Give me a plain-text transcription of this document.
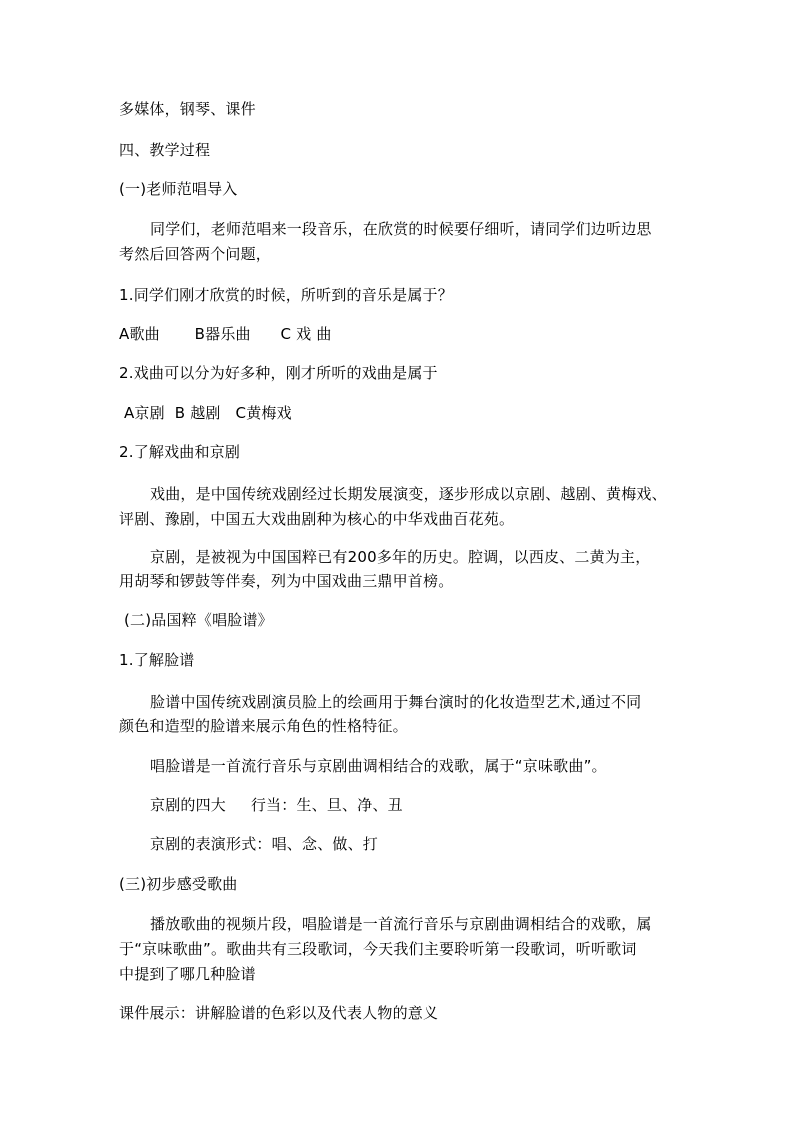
多媒体，钢琴、课件
四、教学过程
(一)老师范唱导入
同学们，老师范唱来一段音乐，在欣赏的时候要仔细听，请同学们边听边思
考然后回答两个问题，
1.同学们刚才欣赏的时候，所听到的音乐是属于？
A歌曲       B器乐曲      C 戏 曲
2.戏曲可以分为好多种，刚才所听的戏曲是属于
A京剧  B 越剧   C黄梅戏
2.了解戏曲和京剧
戏曲，是中国传统戏剧经过长期发展演变，逐步形成以京剧、越剧、黄梅戏、
评剧、豫剧，中国五大戏曲剧种为核心的中华戏曲百花苑。
京剧，是被视为中国国粹已有200多年的历史。腔调，以西皮、二黄为主，
用胡琴和锣鼓等伴奏，列为中国戏曲三鼎甲首榜。
(二)品国粹《唱脸谱》
1.了解脸谱
脸谱中国传统戏剧演员脸上的绘画用于舞台演时的化妆造型艺术,通过不同
颜色和造型的脸谱来展示角色的性格特征。
唱脸谱是一首流行音乐与京剧曲调相结合的戏歌，属于“京味歌曲”。
京剧的四大     行当：生、旦、净、丑
京剧的表演形式：唱、念、做、打
(三)初步感受歌曲
播放歌曲的视频片段，唱脸谱是一首流行音乐与京剧曲调相结合的戏歌，属
于“京味歌曲”。歌曲共有三段歌词，今天我们主要聆听第一段歌词，听听歌词
中提到了哪几种脸谱
课件展示：讲解脸谱的色彩以及代表人物的意义
